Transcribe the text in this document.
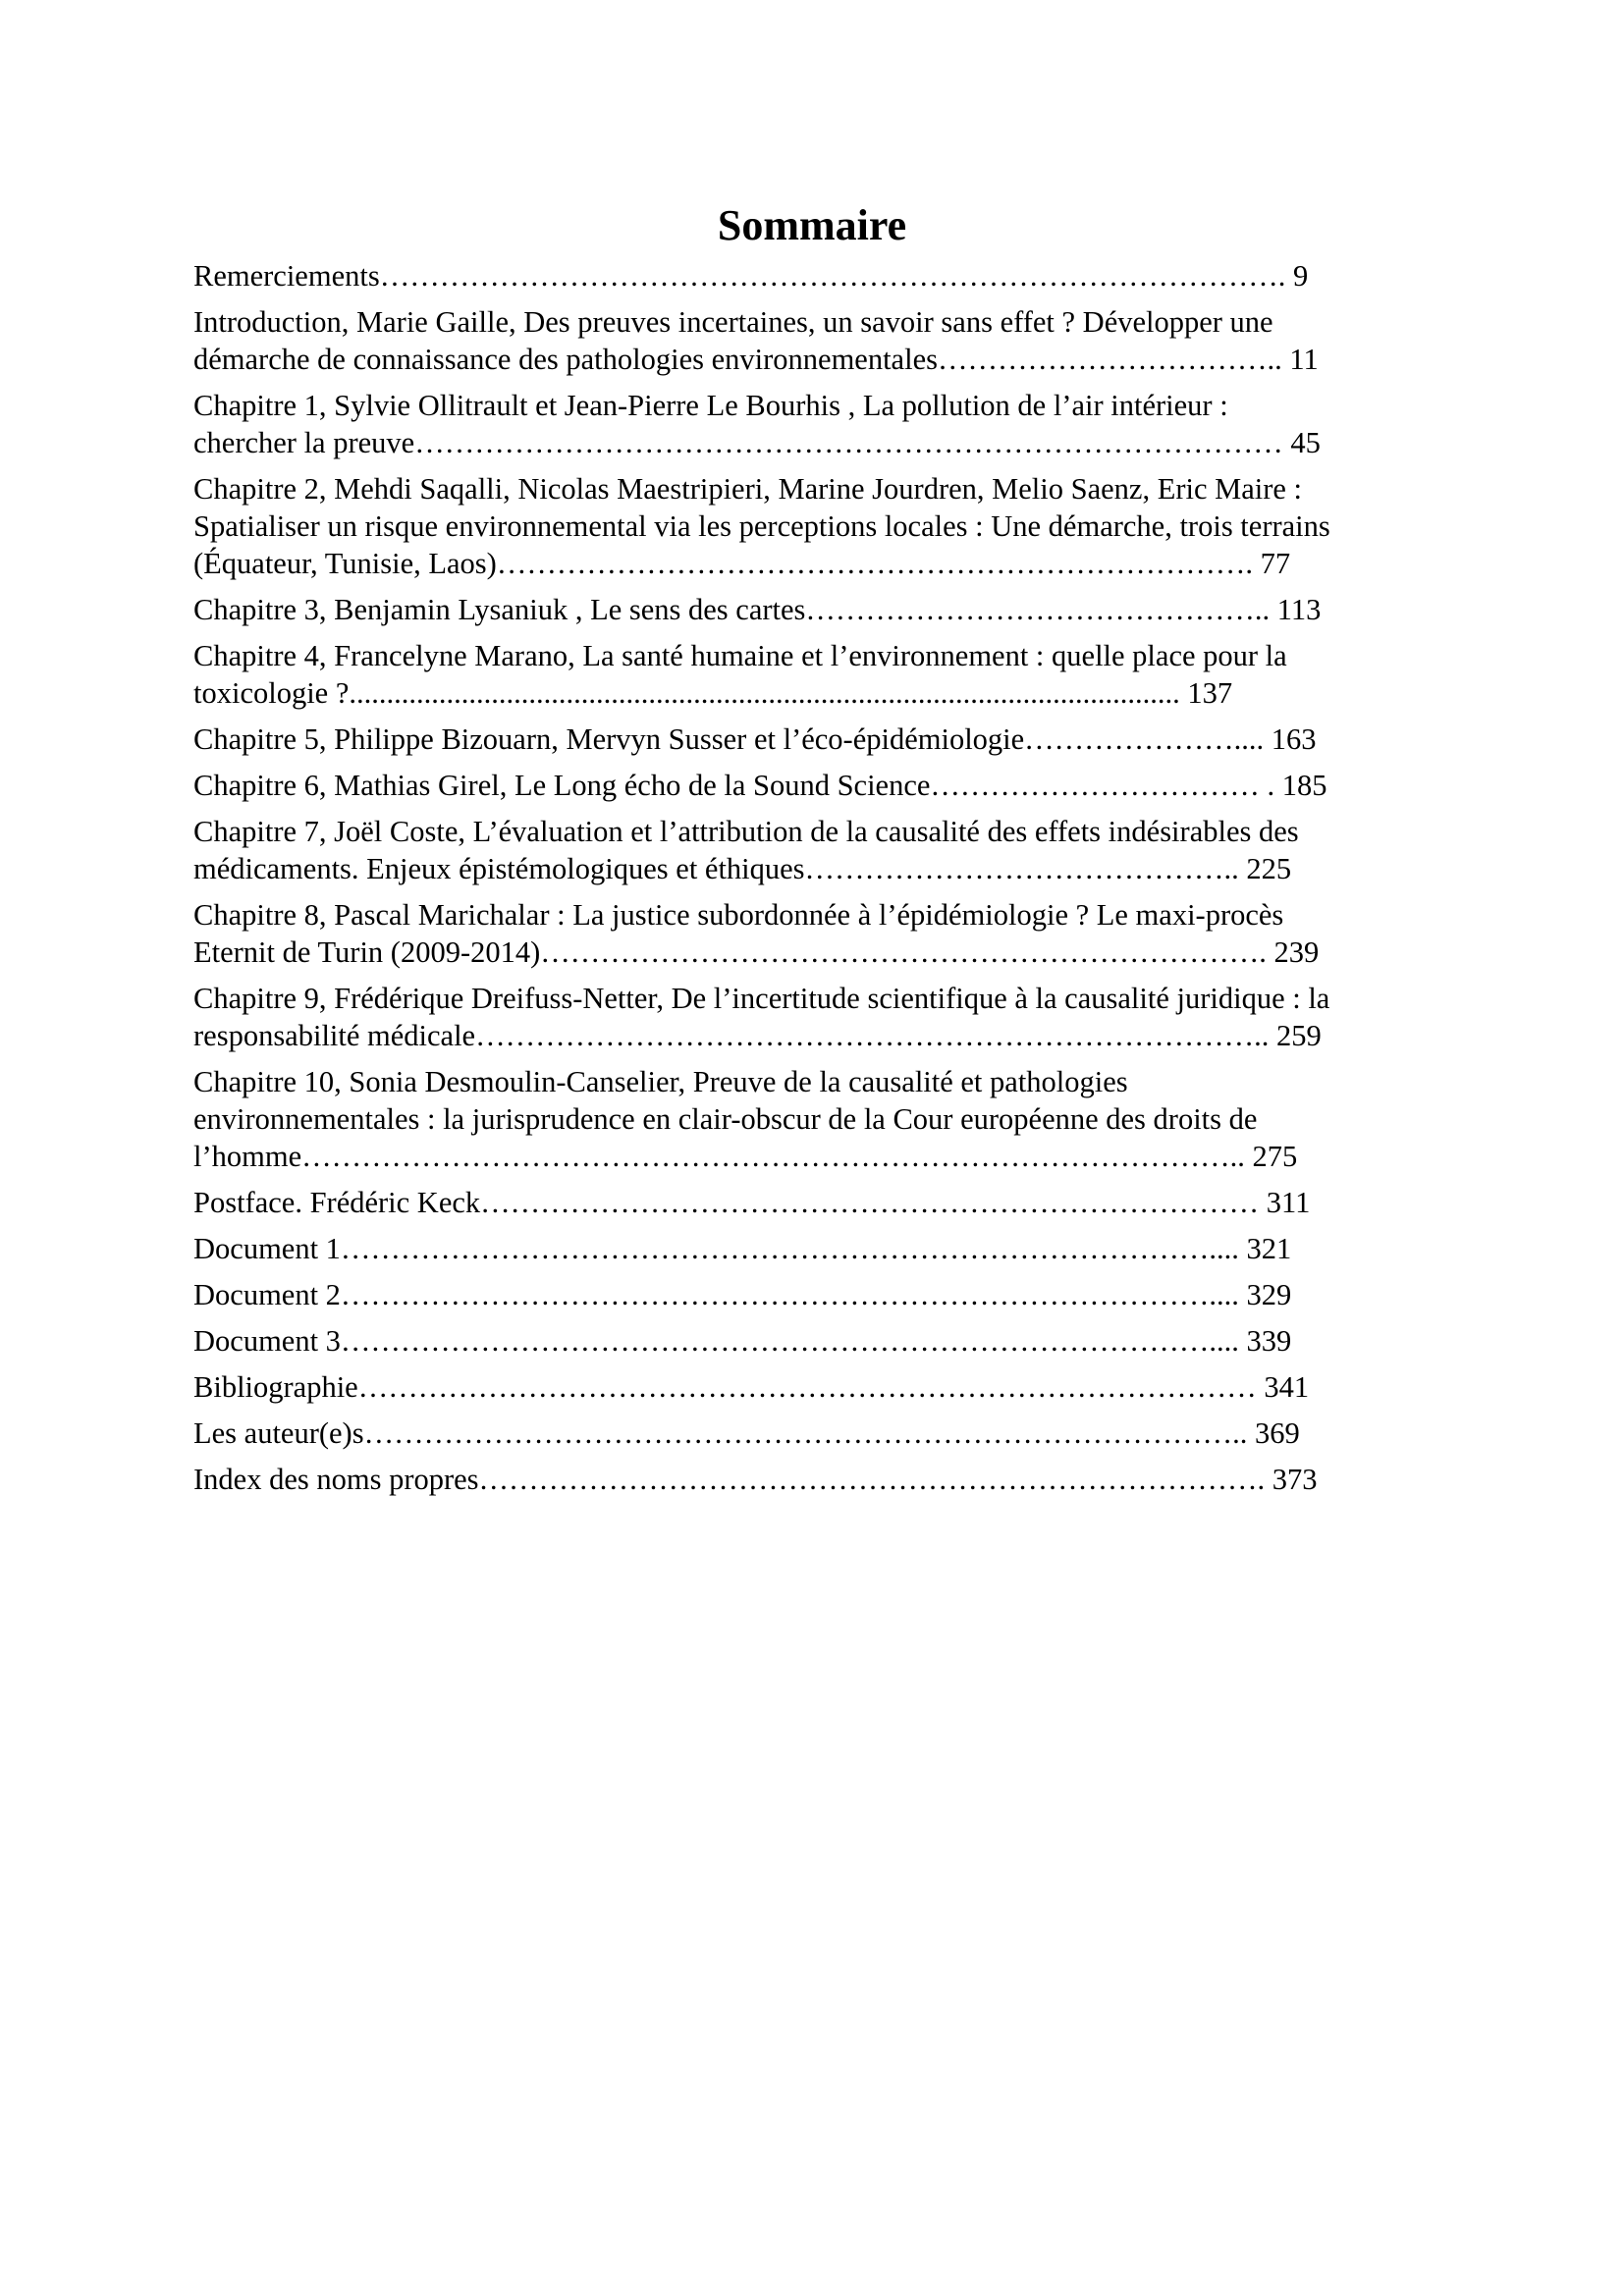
Sommaire
Remerciements………………………………………………………………………………. 9
Introduction, Marie Gaille, Des preuves incertaines, un savoir sans effet ? Développer une
démarche de connaissance des pathologies environnementales…………………………….. 11
Chapitre 1, Sylvie Ollitrault et Jean-Pierre Le Bourhis , La pollution de l’air intérieur :
chercher la preuve…………………………………………………………………………… 45
Chapitre 2, Mehdi Saqalli, Nicolas Maestripieri, Marine Jourdren, Melio Saenz, Eric Maire :
Spatialiser un risque environnemental via les perceptions locales : Une démarche, trois terrains
(Équateur, Tunisie, Laos)…………………………………………………………………. 77
Chapitre 3, Benjamin Lysaniuk , Le sens des cartes……………………………………….. 113
Chapitre 4, Francelyne Marano, La santé humaine et l’environnement : quelle place pour la
toxicologie ?............................................................................................................... 137
Chapitre 5, Philippe Bizouarn, Mervyn Susser et l’éco-épidémiologie………………….... 163
Chapitre 6, Mathias Girel, Le Long écho de la Sound Science…………………………… . 185
Chapitre 7, Joël Coste, L’évaluation et l’attribution de la causalité des effets indésirables des
médicaments. Enjeux épistémologiques et éthiques…………………………………….. 225
Chapitre 8, Pascal Marichalar : La justice subordonnée à l’épidémiologie ? Le maxi-procès
Eternit de Turin (2009-2014)………………………………………………………………. 239
Chapitre 9, Frédérique Dreifuss-Netter, De l’incertitude scientifique à la causalité juridique : la
responsabilité médicale…………………………………………………………………….. 259
Chapitre 10, Sonia Desmoulin-Canselier, Preuve de la causalité et pathologies
environnementales : la jurisprudence en clair-obscur de la Cour européenne des droits de
l’homme………………………………………………………………………………….. 275
Postface. Frédéric Keck…………………………………………………………………… 311
Document 1…………………………………………………………………………….... 321
Document 2…………………………………………………………………………….... 329
Document 3…………………………………………………………………………….... 339
Bibliographie……………………………………………………………………………… 341
Les auteur(e)s…………………………………………………………………………….. 369
Index des noms propres……………………………………………………………………. 373
